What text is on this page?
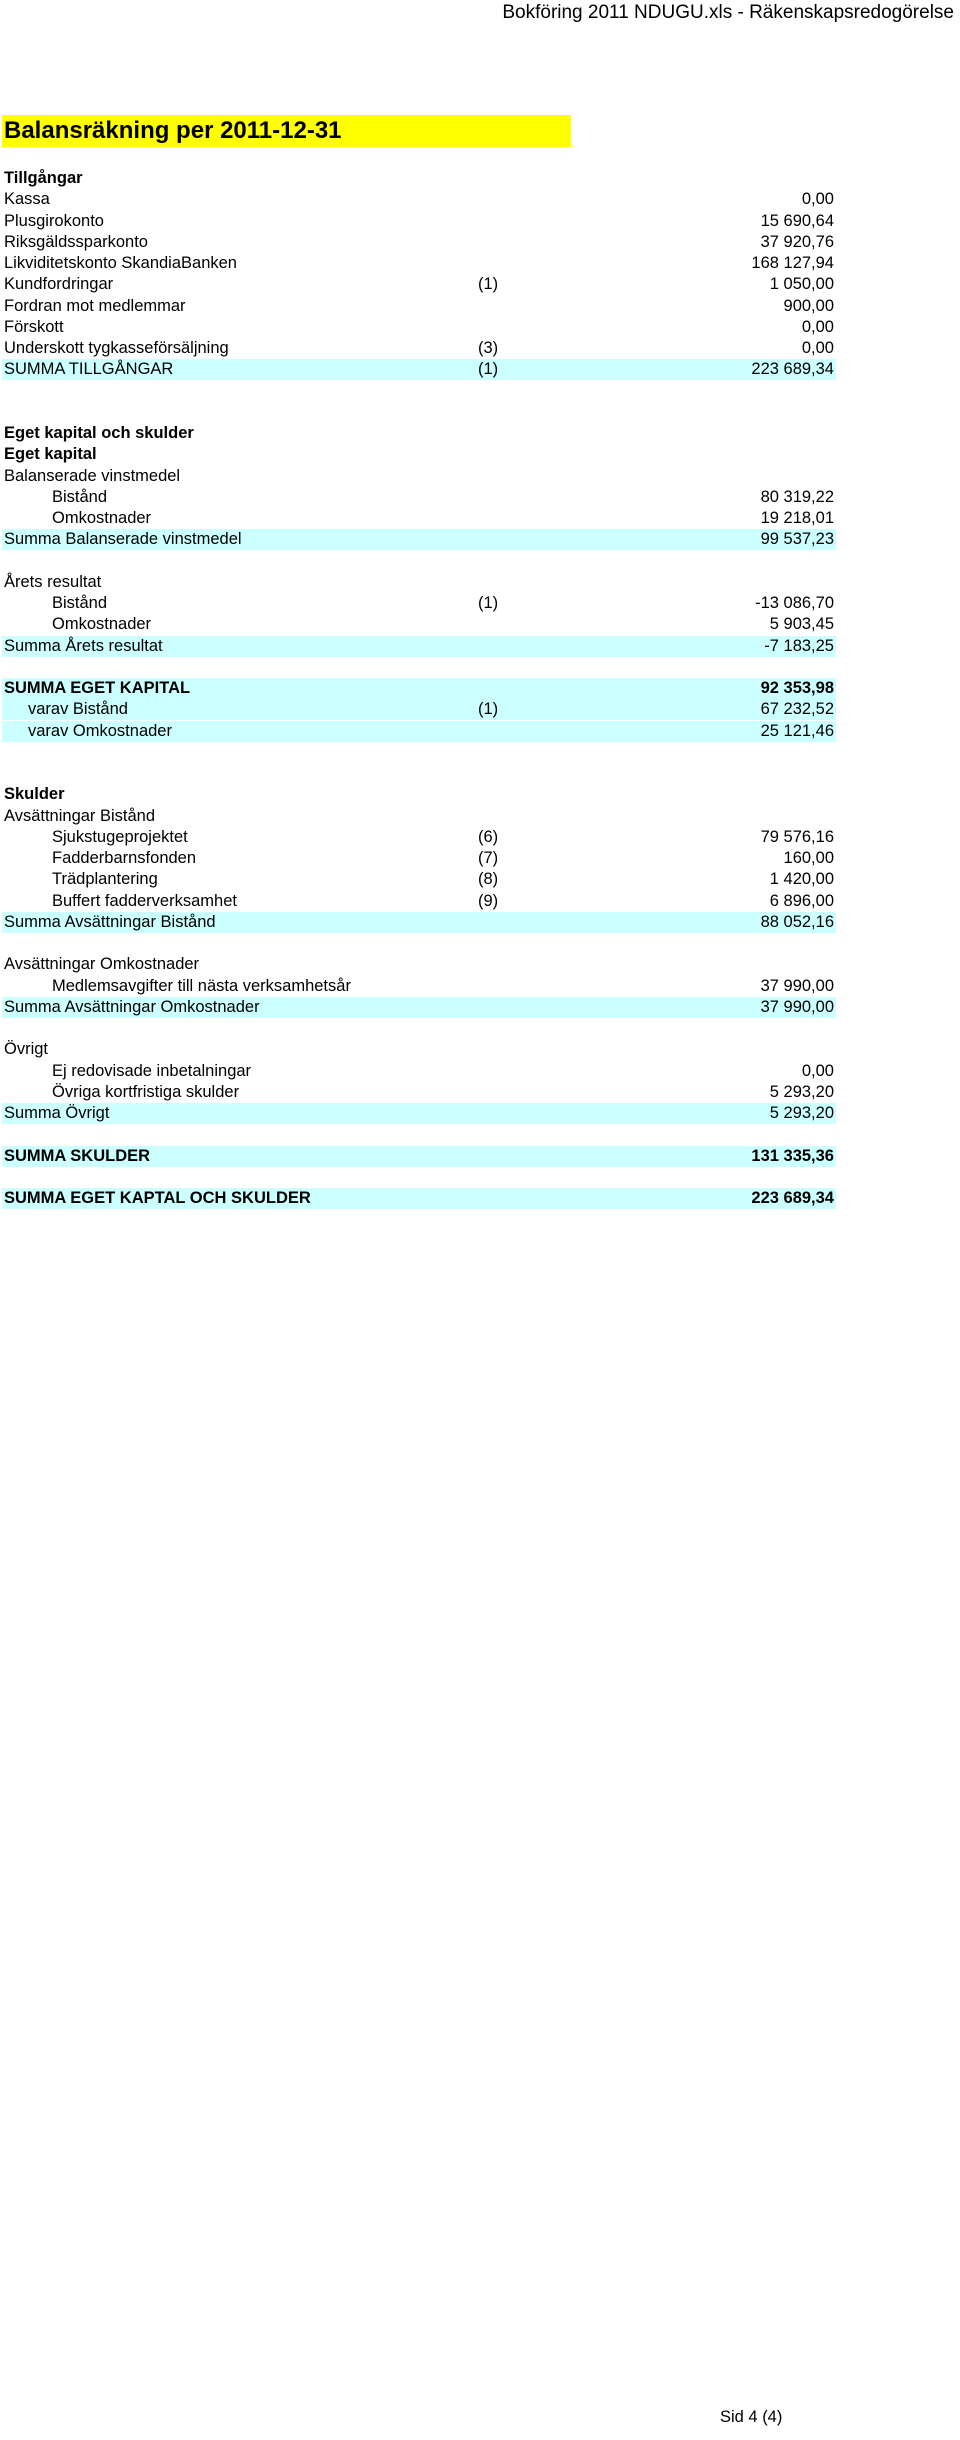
Bokföring 2011 NDUGU.xls - Räkenskapsredogörelse
Balansräkning per 2011-12-31
Tillgångar
Kassa	0,00
Plusgirokonto	15 690,64
Riksgäldssparkonto	37 920,76
Likviditetskonto SkandiaBanken	168 127,94
Kundfordringar	(1)	1 050,00
Fordran mot medlemmar	900,00
Förskott	0,00
Underskott tygkasseförsäljning	(3)	0,00
SUMMA TILLGÅNGAR	(1)	223 689,34
Eget kapital och skulder
Eget kapital
Balanserade vinstmedel
Bistånd	80 319,22
Omkostnader	19 218,01
Summa Balanserade vinstmedel	99 537,23
Årets resultat
Bistånd	(1)	-13 086,70
Omkostnader	5 903,45
Summa Årets resultat	-7 183,25
SUMMA EGET KAPITAL	92 353,98
varav Bistånd	(1)	67 232,52
varav Omkostnader	25 121,46
Skulder
Avsättningar Bistånd
Sjukstugeprojektet	(6)	79 576,16
Fadderbarnsfonden	(7)	160,00
Trädplantering	(8)	1 420,00
Buffert fadderverksamhet	(9)	6 896,00
Summa Avsättningar Bistånd	88 052,16
Avsättningar Omkostnader
Medlemsavgifter till nästa verksamhetsår	37 990,00
Summa Avsättningar Omkostnader	37 990,00
Övrigt
Ej redovisade inbetalningar	0,00
Övriga kortfristiga skulder	5 293,20
Summa Övrigt	5 293,20
SUMMA SKULDER	131 335,36
SUMMA EGET KAPTAL OCH SKULDER	223 689,34
Sid 4 (4)
